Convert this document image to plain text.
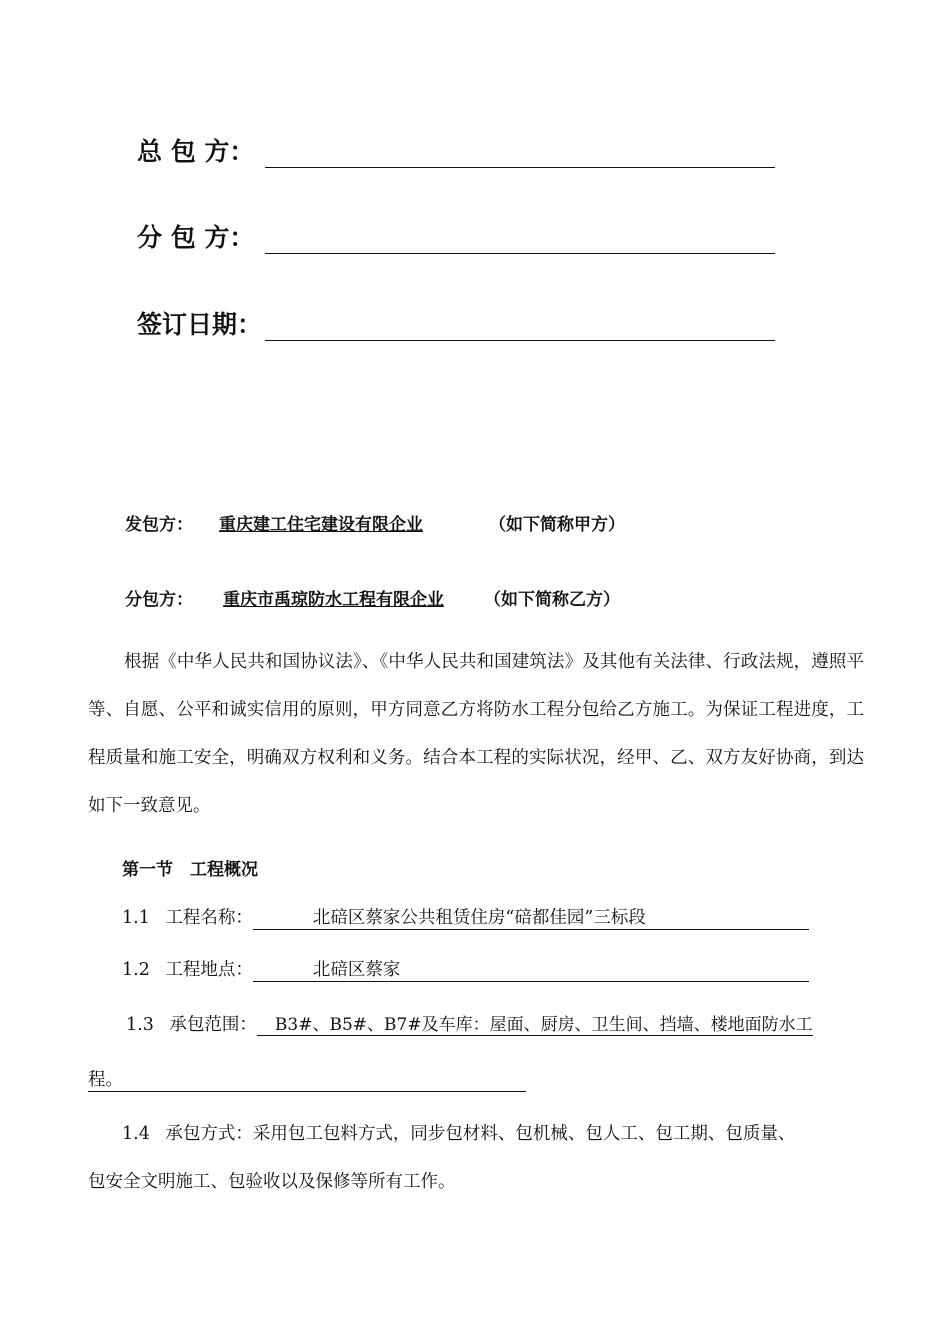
总 包 方：
分 包 方：
签订日期：
发包方： 重庆建工住宅建设有限企业	（如下简称甲方）
分包方： 重庆市禹琼防水工程有限企业 （如下简称乙方）

根据《中华人民共和国协议法》、《中华人民共和国建筑法》及其他有关法律、行政法规，遵照平等、自愿、公平和诚实信用的原则，甲方同意乙方将防水工程分包给乙方施工。为保证工程进度，工程质量和施工安全，明确双方权利和义务。结合本工程的实际状况，经甲、乙、双方友好协商，到达如下一致意见。

第一节　工程概况
1.1 工程名称：	北碚区蔡家公共租赁住房“碚都佳园”三标段
1.2 工程地点：	北碚区蔡家
1.3 承包范围： B3#、B5#、B7#及车库：屋面、厨房、卫生间、挡墙、楼地面防水工
程。
1.4 承包方式：采用包工包料方式，同步包材料、包机械、包人工、包工期、包质量、
包安全文明施工、包验收以及保修等所有工作。
